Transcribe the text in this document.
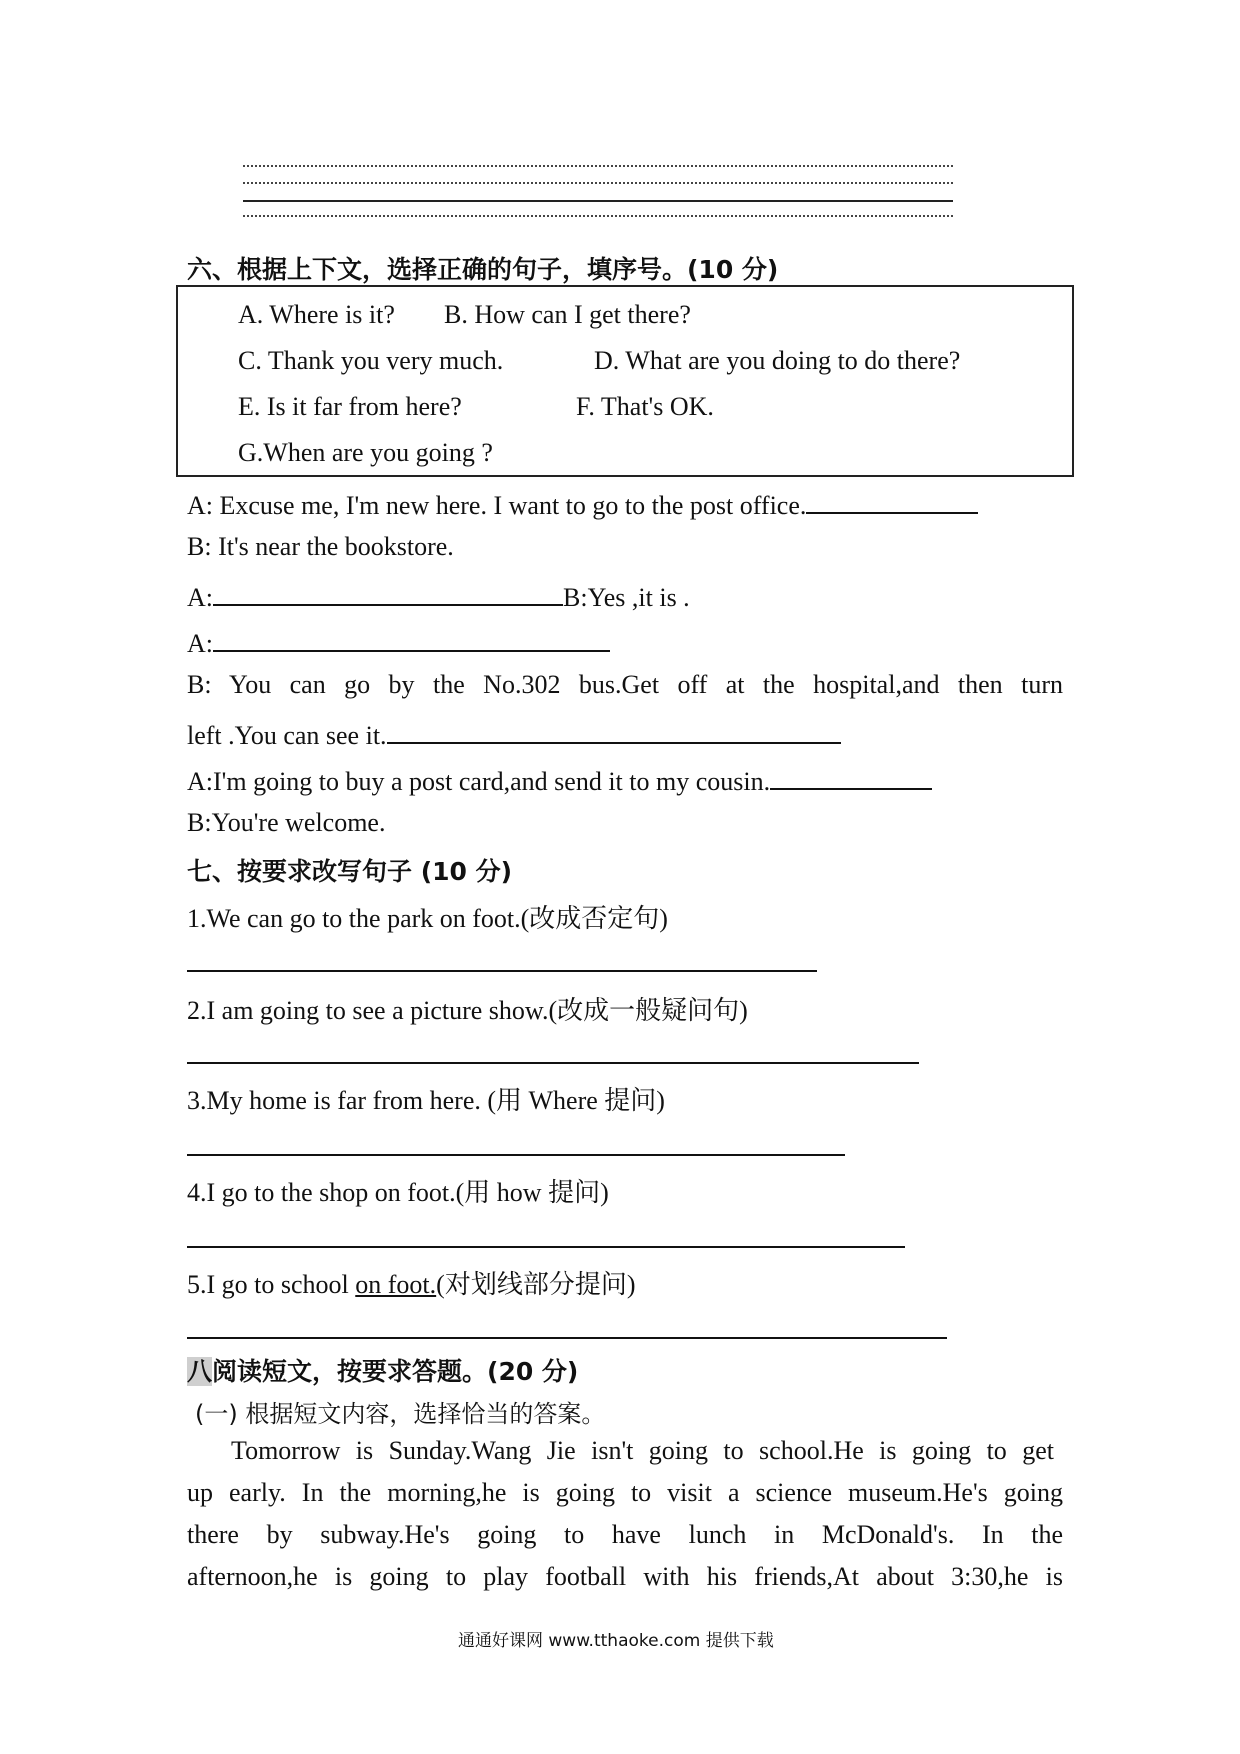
六、根据上下文，选择正确的句子，填序号。(10 分)
A. Where is it? B. How can I get there?
C. Thank you very much.	D. What are you doing to do there?
E. Is it far from here?	F. That's OK.
G.When are you going ?
A: Excuse me, I'm new here. I want to go to the post office.
B: It's near the bookstore.
A:	B:Yes ,it is .
A:
B: You can go by the No.302 bus.Get off at the hospital,and then turn
left .You can see it.
A:I'm going to buy a post card,and send it to my cousin.
B:You're welcome.
七、按要求改写句子 (10 分)
1.We can go to the park on foot.(改成否定句)
2.I am going to see a picture show.(改成一般疑问句)
3.My home is far from here. (用 Where 提问)
4.I go to the shop on foot.(用 how 提问)
5.I go to school on foot.(对划线部分提问)
八阅读短文，按要求答题。(20 分)
(一) 根据短文内容，选择恰当的答案。
Tomorrow is Sunday.Wang Jie isn't going to school.He is going to get
up early. In the morning,he is going to visit a science museum.He's going
there by subway.He's going to have lunch in McDonald's. In the
afternoon,he is going to play football with his friends,At about 3:30,he is
通通好课网 www.tthaoke.com 提供下载
